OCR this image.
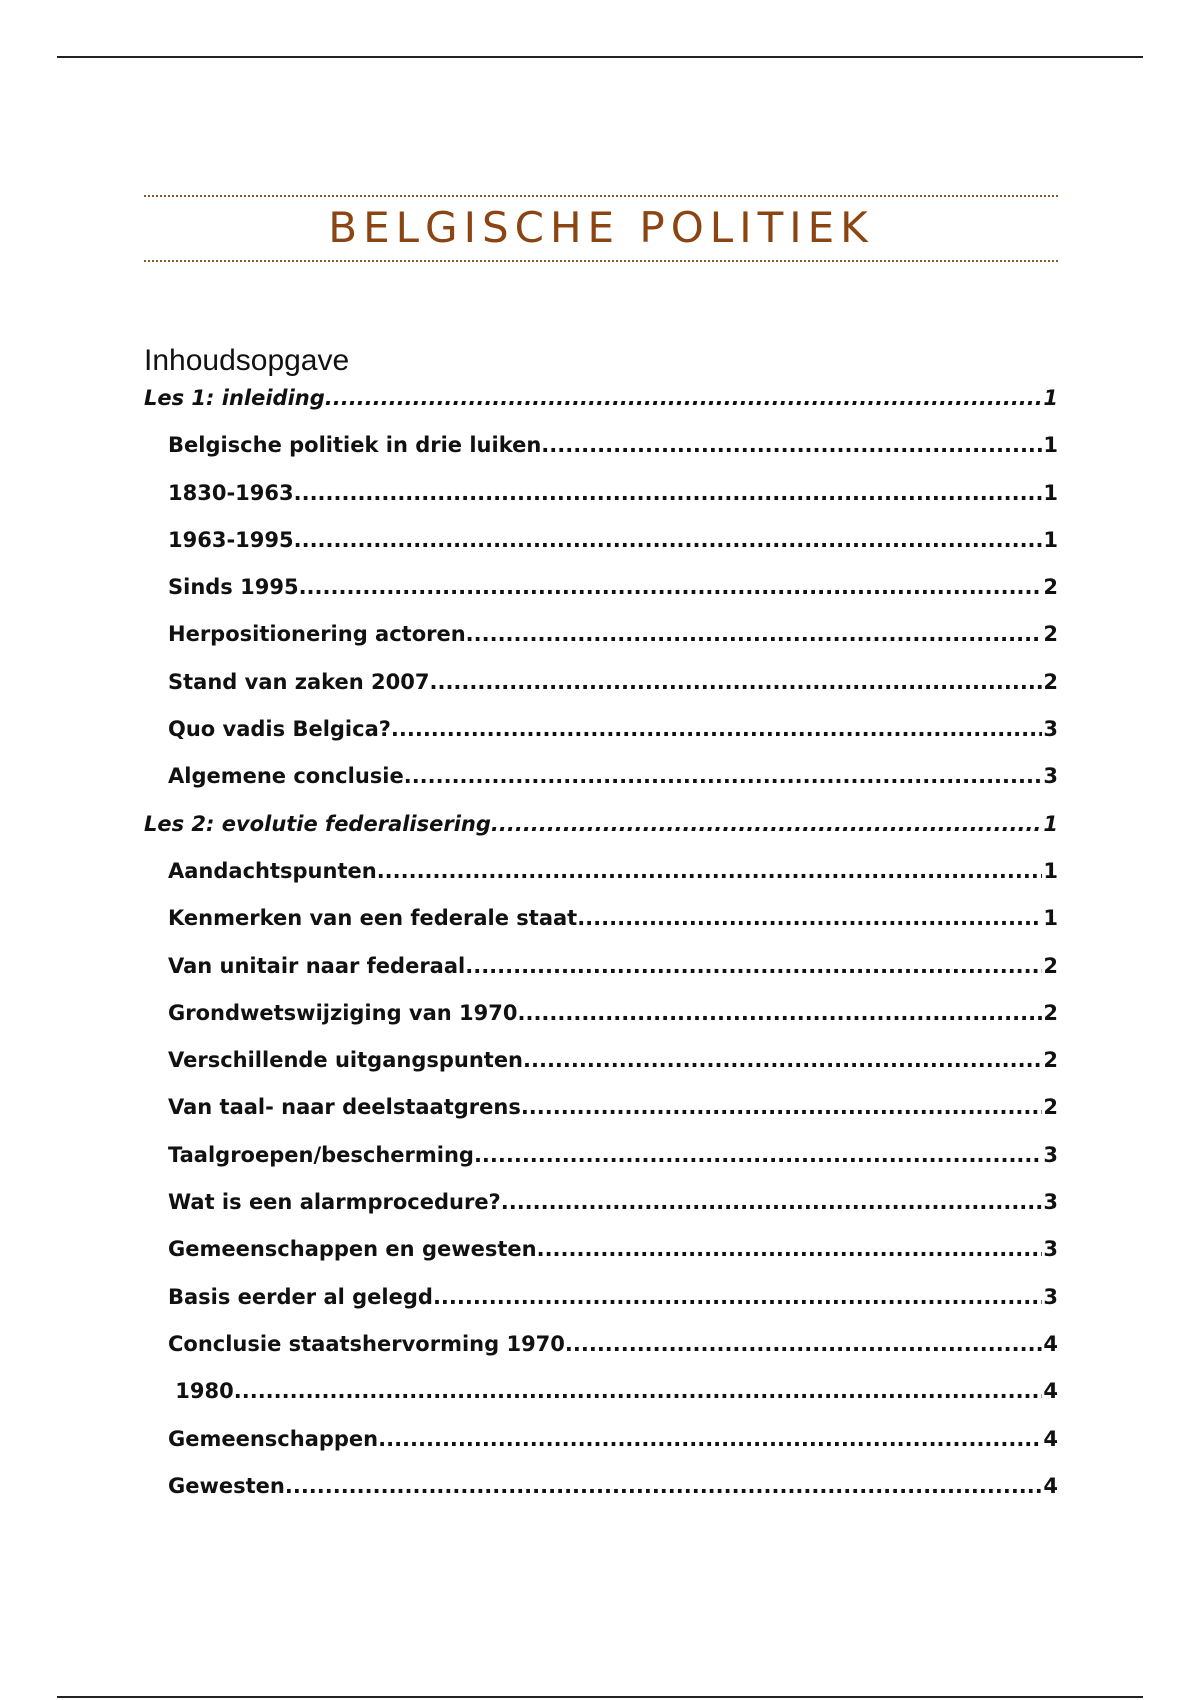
BELGISCHE POLITIEK
Inhoudsopgave
Les 1: inleiding .....	1
Belgische politiek in drie luiken .....	1
1830-1963 .....	1
1963-1995 .....	1
Sinds 1995 .....	2
Herpositionering actoren .....	2
Stand van zaken 2007 .....	2
Quo vadis Belgica? .....	3
Algemene conclusie .....	3
Les 2: evolutie federalisering .....	1
Aandachtspunten .....	1
Kenmerken van een federale staat .....	1
Van unitair naar federaal .....	2
Grondwetswijziging van 1970 .....	2
Verschillende uitgangspunten .....	2
Van taal- naar deelstaatgrens .....	2
Taalgroepen/bescherming .....	3
Wat is een alarmprocedure? .....	3
Gemeenschappen en gewesten .....	3
Basis eerder al gelegd .....	3
Conclusie staatshervorming 1970 .....	4
1980 .....	4
Gemeenschappen .....	4
Gewesten .....	4
